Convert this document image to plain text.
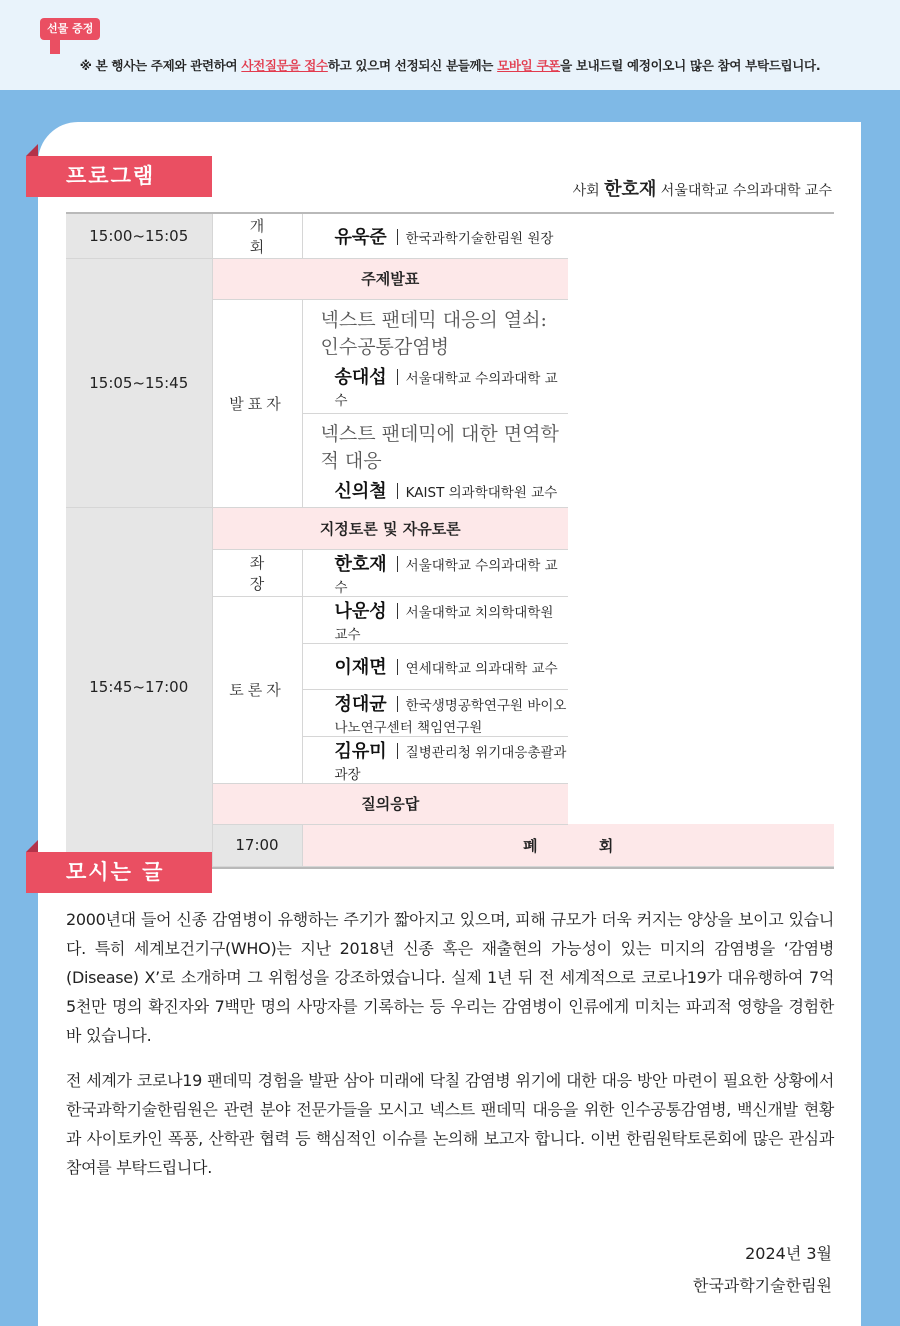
선물 증정
※ 본 행사는 주제와 관련하여 사전질문을 접수하고 있으며 선정되신 분들께는 모바일 쿠폰을 보내드릴 예정이오니 많은 참여 부탁드립니다.
프로그램
사회 한호재 서울대학교 수의과대학 교수
15:00~15:05	개 회	유욱준 한국과학기술한림원 원장
15:05~15:45	주제발표	
	발표자	넥스트 팬데믹 대응의 열쇠: 인수공통감염병
송대섭 서울대학교 수의과대학 교수
넥스트 팬데믹에 대한 면역학적 대응
신의철 KAIST 의과학대학원 교수

15:45~17:00	지정토론 및 자유토론	
	좌 장	한호재 서울대학교 수의과대학 교수
	토론자	나운성 서울대학교 치의학대학원 교수
		이재면 연세대학교 의과대학 교수
		정대균 한국생명공학연구원 바이오나노연구센터 책임연구원
		김유미 질병관리청 위기대응총괄과 과장
	질의응답	
	17:00	폐 회
모시는 글

2000년대 들어 신종 감염병이 유행하는 주기가 짧아지고 있으며, 피해 규모가 더욱 커지는 양상을 보이고 있습니다. 특히 세계보건기구(WHO)는 지난 2018년 신종 혹은 재출현의 가능성이 있는 미지의 감염병을 ‘감염병(Disease) X’로 소개하며 그 위험성을 강조하였습니다. 실제 1년 뒤 전 세계적으로 코로나19가 대유행하여 7억 5천만 명의 확진자와 7백만 명의 사망자를 기록하는 등 우리는 감염병이 인류에게 미치는 파괴적 영향을 경험한 바 있습니다.

전 세계가 코로나19 팬데믹 경험을 발판 삼아 미래에 닥칠 감염병 위기에 대한 대응 방안 마련이 필요한 상황에서 한국과학기술한림원은 관련 분야 전문가들을 모시고 넥스트 팬데믹 대응을 위한 인수공통감염병, 백신개발 현황과 사이토카인 폭풍, 산학관 협력 등 핵심적인 이슈를 논의해 보고자 합니다. 이번 한림원탁토론회에 많은 관심과 참여를 부탁드립니다.

2024년 3월
한국과학기술한림원
